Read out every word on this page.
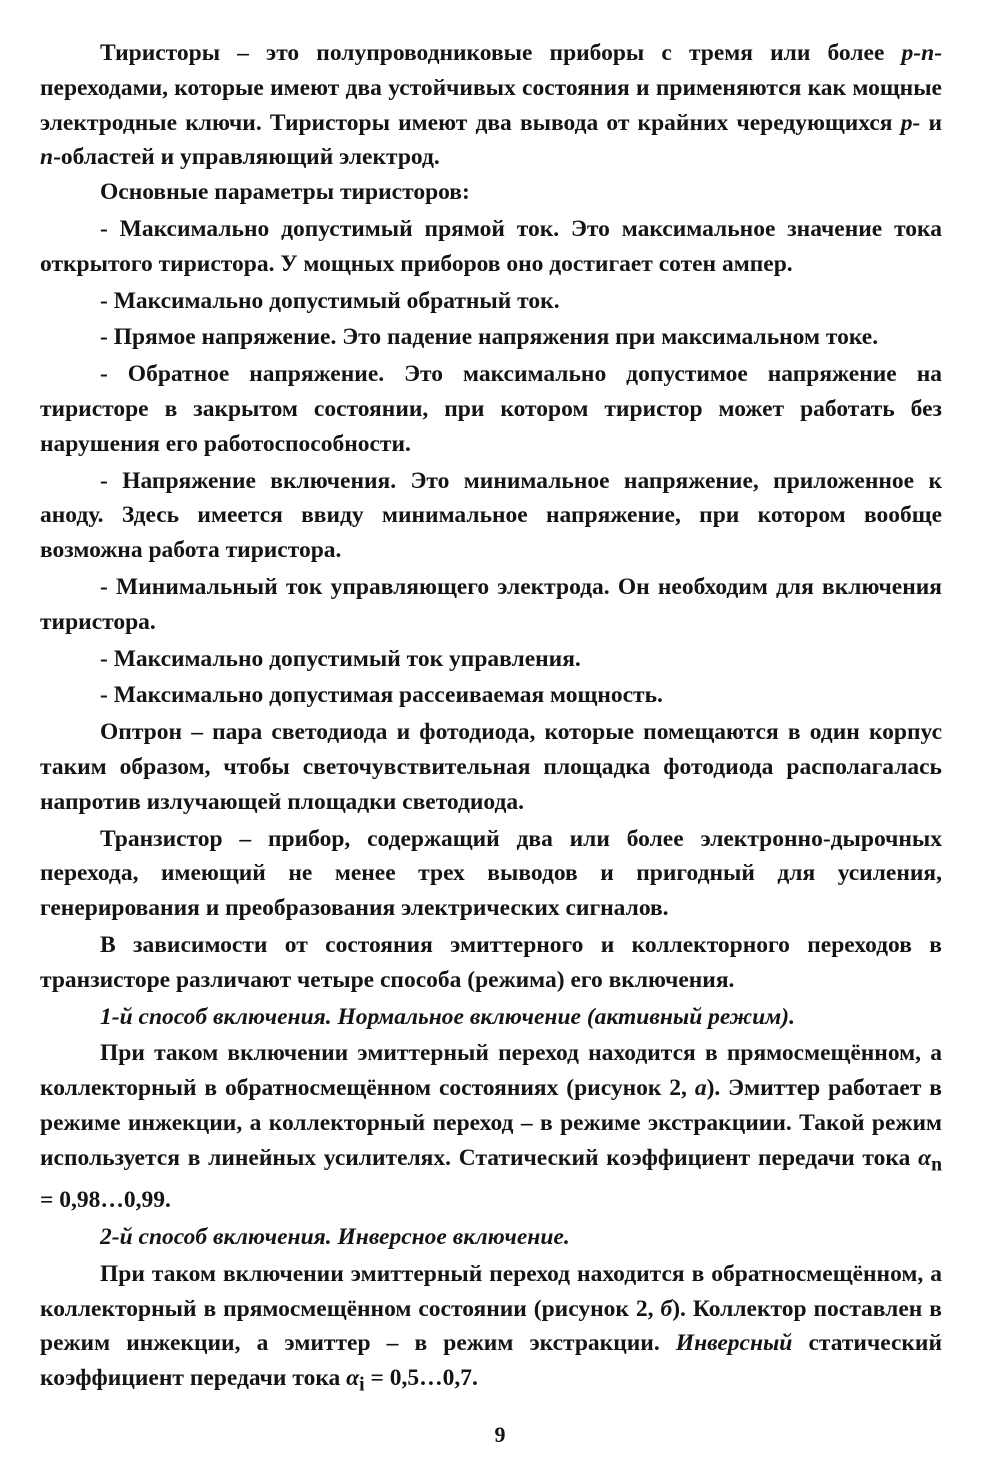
Тиристоры – это полупроводниковые приборы с тремя или более p-n-переходами, которые имеют два устойчивых состояния и применяются как мощные электродные ключи. Тиристоры имеют два вывода от крайних чередующихся p- и n-областей и управляющий электрод.

Основные параметры тиристоров:

- Максимально допустимый прямой ток. Это максимальное значение тока открытого тиристора. У мощных приборов оно достигает сотен ампер.

- Максимально допустимый обратный ток.

- Прямое напряжение. Это падение напряжения при максимальном токе.

- Обратное напряжение. Это максимально допустимое напряжение на тиристоре в закрытом состоянии, при котором тиристор может работать без нарушения его работоспособности.

- Напряжение включения. Это минимальное напряжение, приложенное к аноду. Здесь имеется ввиду минимальное напряжение, при котором вообще возможна работа тиристора.

- Минимальный ток управляющего электрода. Он необходим для включения тиристора.

- Максимально допустимый ток управления.

- Максимально допустимая рассеиваемая мощность.

Оптрон – пара светодиода и фотодиода, которые помещаются в один корпус таким образом, чтобы светочувствительная площадка фотодиода располагалась напротив излучающей площадки светодиода.

Транзистор – прибор, содержащий два или более электронно-дырочных перехода, имеющий не менее трех выводов и пригодный для усиления, генерирования и преобразования электрических сигналов.

В зависимости от состояния эмиттерного и коллекторного переходов в транзисторе различают четыре способа (режима) его включения.

1-й способ включения. Нормальное включение (активный режим).

При таком включении эмиттерный переход находится в прямосмещённом, а коллекторный в обратносмещённом состояниях (рисунок 2, а). Эмиттер работает в режиме инжекции, а коллекторный переход – в режиме экстракциии. Такой режим используется в линейных усилителях. Статический коэффициент передачи тока $\alpha_n$ = 0,98…0,99.

2-й способ включения. Инверсное включение.

При таком включении эмиттерный переход находится в обратносмещённом, а коллекторный в прямосмещённом состоянии (рисунок 2, б). Коллектор поставлен в режим инжекции, а эмиттер – в режим экстракции. Инверсный статический коэффициент передачи тока $\alpha_i$ = 0,5…0,7.

9
